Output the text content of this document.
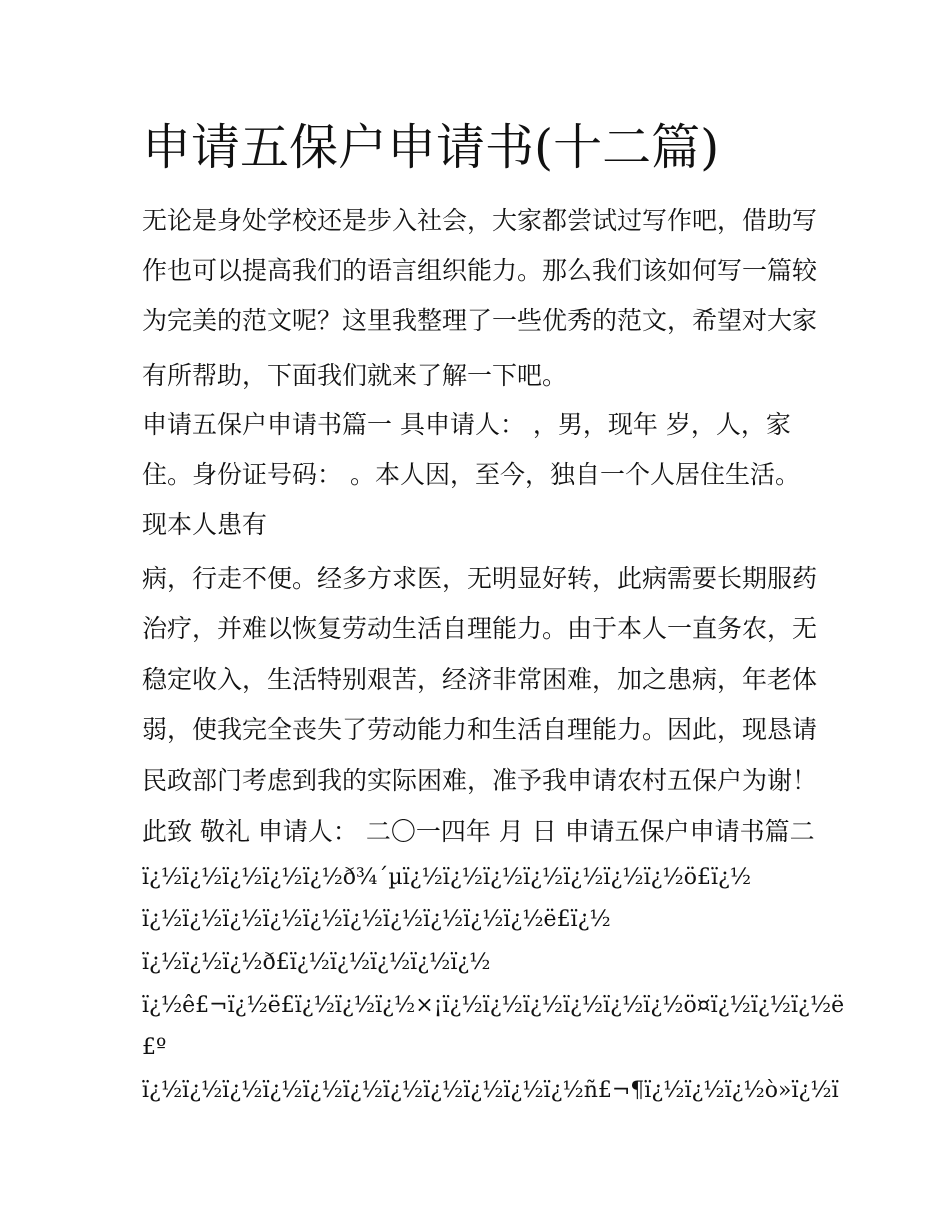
申请五保户申请书(十二篇)

无论是身处学校还是步入社会，大家都尝试过写作吧，借助写

作也可以提高我们的语言组织能力。那么我们该如何写一篇较

为完美的范文呢？这里我整理了一些优秀的范文，希望对大家

有所帮助，下面我们就来了解一下吧。

申请五保户申请书篇一 具申请人： ，男，现年 岁，人，家

住。身份证号码： 。本人因，至今，独自一个人居住生活。

现本人患有

病，行走不便。经多方求医，无明显好转，此病需要长期服药

治疗，并难以恢复劳动生活自理能力。由于本人一直务农，无

稳定收入，生活特别艰苦，经济非常困难，加之患病，年老体

弱，使我完全丧失了劳动能力和生活自理能力。因此，现恳请

民政部门考虑到我的实际困难，准予我申请农村五保户为谢！

此致 敬礼 申请人： 二〇一四年 月 日 申请五保户申请书篇二

ï¿½ï¿½ï¿½ï¿½ï¿½ð¾´µï¿½ï¿½ï¿½ï¿½ï¿½ï¿½ï¿½ö£ï¿½

ï¿½ï¿½ï¿½ï¿½ï¿½ï¿½ï¿½ï¿½ï¿½ï¿½ë£ï¿½

ï¿½ï¿½ï¿½ð£ï¿½ï¿½ï¿½ï¿½ï¿½

ï¿½ê£¬ï¿½ë£ï¿½ï¿½ï¿½×¡ï¿½ï¿½ï¿½ï¿½ï¿½ï¿½ö¤ï¿½ï¿½ï¿½ë

£º

ï¿½ï¿½ï¿½ï¿½ï¿½ï¿½ï¿½ï¿½ï¿½ï¿½ï¿½ñ£¬¶ï¿½ï¿½ï¿½ò»ï¿½ï
